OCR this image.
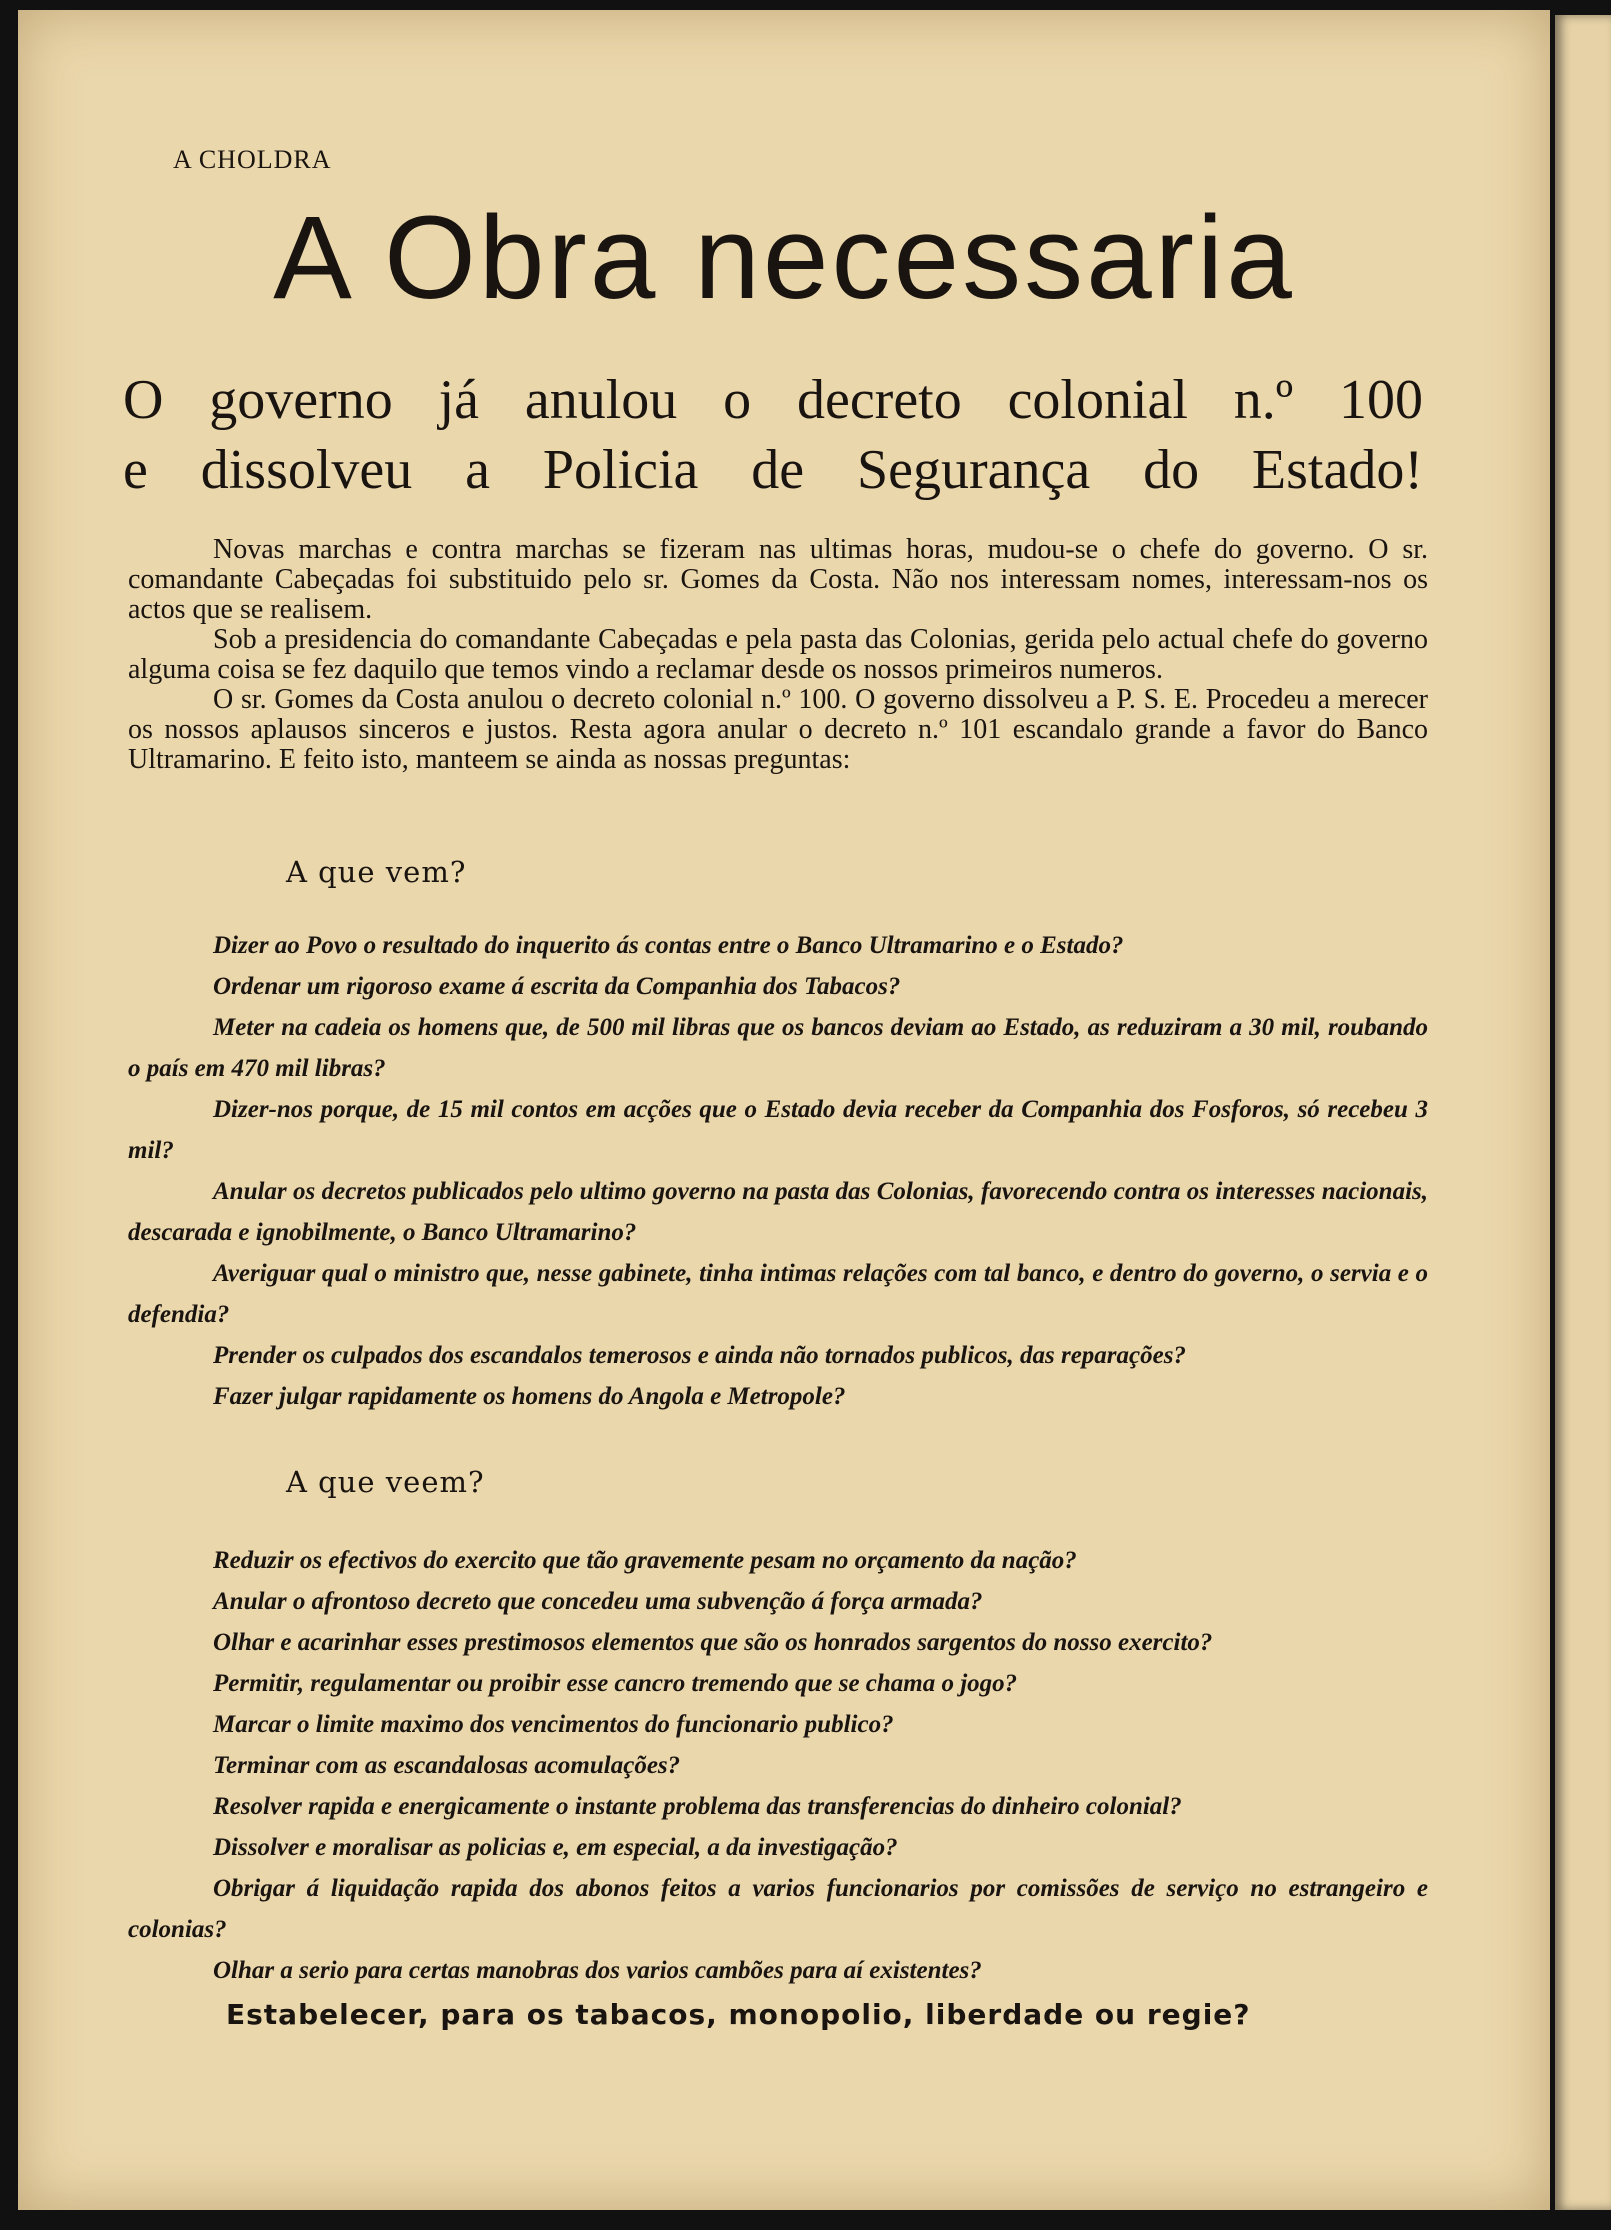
A CHOLDRA
A Obra necessaria
O governo já anulou o decreto colonial n.º 100
e dissolveu a Policia de Segurança do Estado!

Novas marchas e contra marchas se fizeram nas ultimas horas, mudou-se o chefe do governo. O sr. comandante Cabeçadas foi substituido pelo sr. Gomes da Costa. Não nos interessam nomes, interessam-nos os actos que se realisem.

Sob a presidencia do comandante Cabeçadas e pela pasta das Colonias, gerida pelo actual chefe do governo alguma coisa se fez daquilo que temos vindo a reclamar desde os nossos primeiros numeros.

O sr. Gomes da Costa anulou o decreto colonial n.º 100. O governo dissolveu a P. S. E. Procedeu a merecer os nossos aplausos sinceros e justos. Resta agora anular o decreto n.º 101 escandalo grande a favor do Banco Ultramarino. E feito isto, manteem se ainda as nossas preguntas:

A que vem?

Dizer ao Povo o resultado do inquerito ás contas entre o Banco Ultramarino e o Estado?

Ordenar um rigoroso exame á escrita da Companhia dos Tabacos?

Meter na cadeia os homens que, de 500 mil libras que os bancos deviam ao Estado, as reduziram a 30 mil, roubando o país em 470 mil libras?

Dizer-nos porque, de 15 mil contos em acções que o Estado devia receber da Companhia dos Fosforos, só recebeu 3 mil?

Anular os decretos publicados pelo ultimo governo na pasta das Colonias, favorecendo contra os interesses nacionais, descarada e ignobilmente, o Banco Ultramarino?

Averiguar qual o ministro que, nesse gabinete, tinha intimas relações com tal banco, e dentro do governo, o servia e o defendia?

Prender os culpados dos escandalos temerosos e ainda não tornados publicos, das reparações?

Fazer julgar rapidamente os homens do Angola e Metropole?

A que veem?

Reduzir os efectivos do exercito que tão gravemente pesam no orçamento da nação?

Anular o afrontoso decreto que concedeu uma subvenção á força armada?

Olhar e acarinhar esses prestimosos elementos que são os honrados sargentos do nosso exercito?

Permitir, regulamentar ou proibir esse cancro tremendo que se chama o jogo?

Marcar o limite maximo dos vencimentos do funcionario publico?

Terminar com as escandalosas acomulações?

Resolver rapida e energicamente o instante problema das transferencias do dinheiro colonial?

Dissolver e moralisar as policias e, em especial, a da investigação?

Obrigar á liquidação rapida dos abonos feitos a varios funcionarios por comissões de serviço no estrangeiro e colonias?

Olhar a serio para certas manobras dos varios cambões para aí existentes?

Estabelecer, para os tabacos, monopolio, liberdade ou regie?
